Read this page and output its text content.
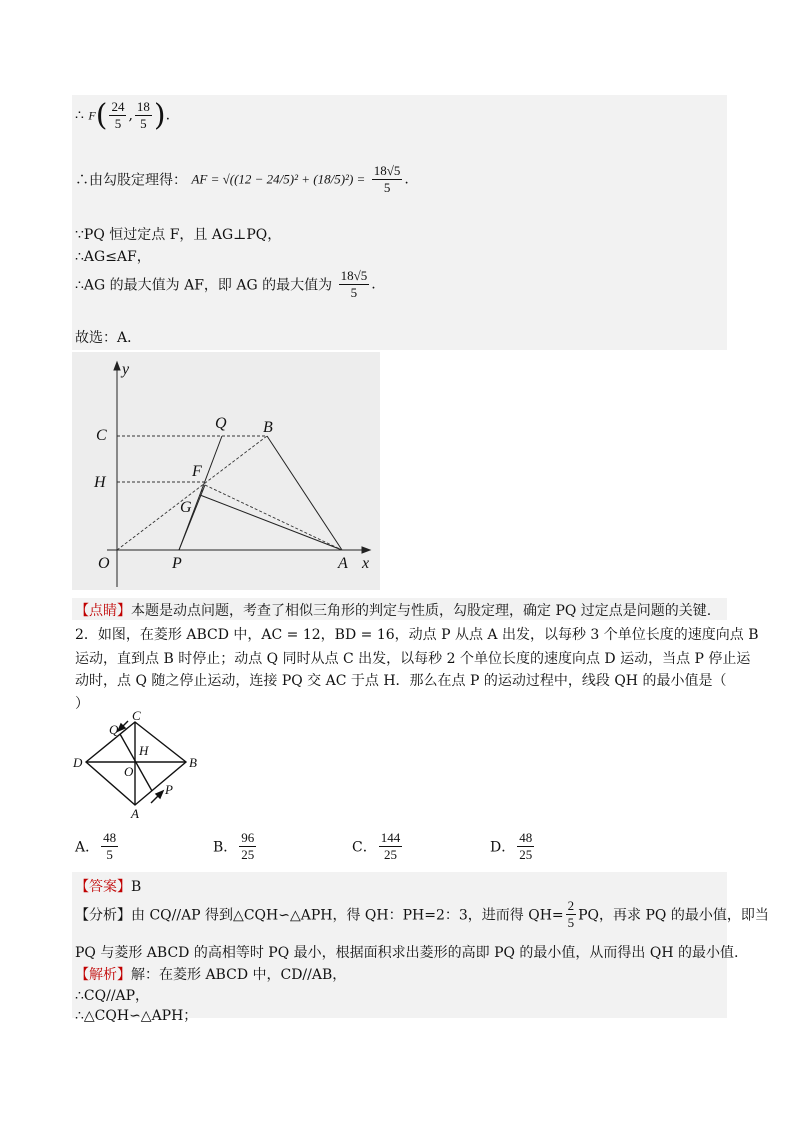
∴ $F( \frac{24}{5}$ , $\frac{18}{5}$ ).
∴由勾股定理得： AF = $√((12 - 24/5)^2 + (18/5)^2) = \frac{18√5}{5}$ .
∵PQ 恒过定点 F，且 AG⊥PQ，
∴AG≤AF，
∴AG 的最大值为 AF，即 AG 的最大值为 $\frac{18√5}{5}$ .
故选：A．
y
x
C
H
O	P
Q B
F
G
A
【点睛】本题是动点问题，考查了相似三角形的判定与性质，勾股定理，确定 PQ 过定点是问题的关键.
2．如图，在菱形 ABCD 中，AC = 12，BD = 16，动点 P 从点 A 出发，以每秒 3 个单位长度的速度向点 B
运动，直到点 B 时停止；动点 Q 同时从点 C 出发，以每秒 2 个单位长度的速度向点 D 运动，当点 P 停止运
动时，点 Q 随之停止运动，连接 PQ 交 AC 于点 H．那么在点 P 的运动过程中，线段 QH 的最小值是（
）
C
Q
H
D
O
B
A
P
A． $\frac{48}{5}$	B． $\frac{96}{25}$	C． $\frac{144}{25}$	D． $\frac{48}{25}$
【答案】B
【分析】由 CQ//AP 得到△CQH∽△APH，得 QH：PH=2：3，进而得 $QH= \frac{2}{5}$ PQ，再求 PQ 的最小值，即当
PQ 与菱形 ABCD 的高相等时 PQ 最小，根据面积求出菱形的高即 PQ 的最小值，从而得出 QH 的最小值.
【解析】解：在菱形 ABCD 中，CD//AB，
∴CQ//AP，
∴△CQH∽△APH；
